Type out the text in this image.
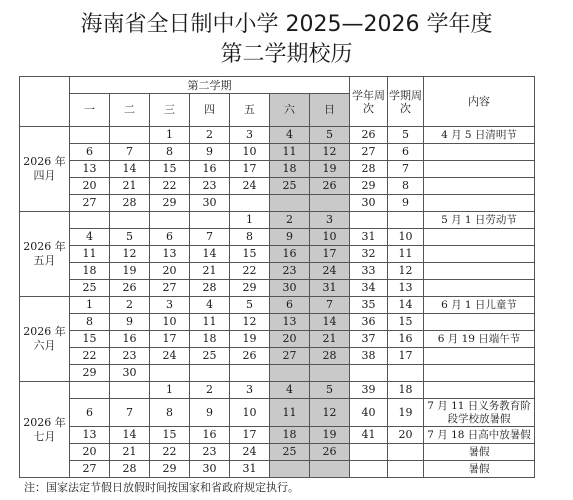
海南省全日制中小学 2025—2026 学年度
第二学期校历
	第二学期							学年周次	学期周次	内容
	一	二	三	四	五	六	日			
2026 年四月			1	2	3	4	5	26	5	4 月 5 日清明节
	6	7	8	9	10	11	12	27	6	
	13	14	15	16	17	18	19	28	7	
	20	21	22	23	24	25	26	29	8	
	27	28	29	30				30	9	
2026 年五月					1	2	3			5 月 1 日劳动节
	4	5	6	7	8	9	10	31	10	
	11	12	13	14	15	16	17	32	11	
	18	19	20	21	22	23	24	33	12	
	25	26	27	28	29	30	31	34	13	
2026 年六月	1	2	3	4	5	6	7	35	14	6 月 1 日儿童节
	8	9	10	11	12	13	14	36	15	
	15	16	17	18	19	20	21	37	16	6 月 19 日端午节
	22	23	24	25	26	27	28	38	17	
	29	30								
2026 年七月			1	2	3	4	5	39	18	
	6	7	8	9	10	11	12	40	19	7 月 11 日义务教育阶段学校放暑假
	13	14	15	16	17	18	19	41	20	7 月 18 日高中放暑假
	20	21	22	23	24	25	26			暑假
	27	28	29	30	31					暑假
注：国家法定节假日放假时间按国家和省政府规定执行。
